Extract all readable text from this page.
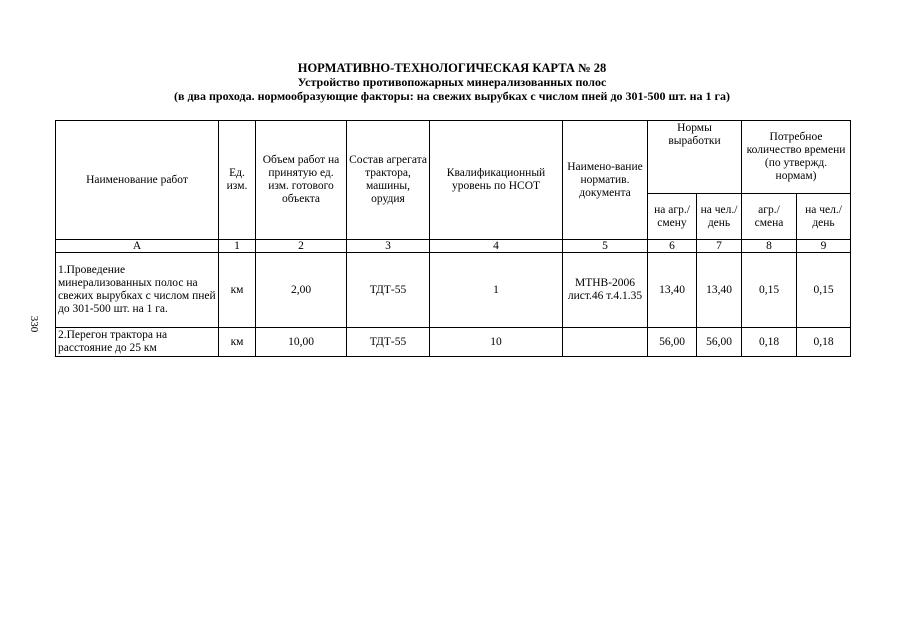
НОРМАТИВНО-ТЕХНОЛОГИЧЕСКАЯ КАРТА № 28
Устройство противопожарных минерализованных полос
(в два прохода. нормообразующие факторы: на свежих вырубках с числом пней до 301-500 шт. на 1 га)
330
Наименование работ	Ед. изм.	Объем работ на принятую ед. изм. готового объекта	Состав агрегата трактора, машины, орудия	Квалификационный уровень по НСОТ	Наимено-вание норматив. документа	Нормы выработки		Потребное количество времени (по утвержд. нормам)	
						на агр./ смену	на чел./ день	агр./ смена	на чел./ день
А	1	2	3	4	5	6	7	8	9
1.Проведение минерализованных полос на свежих вырубках с числом пней до 301-500 шт. на 1 га.	км	2,00	ТДТ-55	1	МТНВ-2006 лист.46 т.4.1.35	13,40	13,40	0,15	0,15
2.Перегон трактора на расстояние до 25 км	км	10,00	ТДТ-55	10		56,00	56,00	0,18	0,18
